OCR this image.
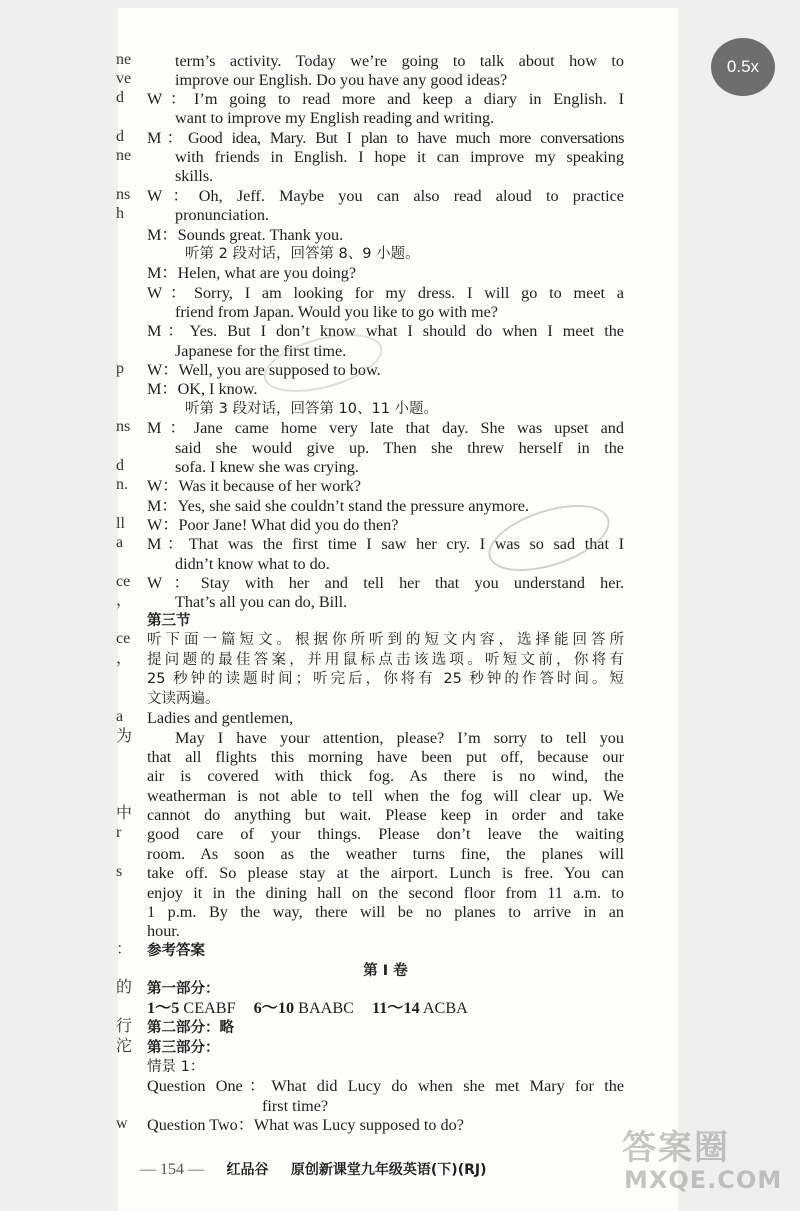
ne
ve
d
d
ne
ns
h
p
ns
d
n.
ll
a
ce
，
ce
，
a
为
中
r
s
：
的
行
沱
w
term’s activity. Today we’re going to talk about how to
improve our English. Do you have any good ideas?
W：I’m going to read more and keep a diary in English. I
want to improve my English reading and writing.
M：Good idea, Mary. But I plan to have much more conversations
with friends in English. I hope it can improve my speaking
skills.
W：Oh, Jeff. Maybe you can also read aloud to practice
pronunciation.
M：Sounds great. Thank you.
听第 2 段对话，回答第 8、9 小题。
M：Helen, what are you doing?
W：Sorry, I am looking for my dress. I will go to meet a
friend from Japan. Would you like to go with me?
M：Yes. But I don’t know what I should do when I meet the
Japanese for the first time.
W：Well, you are supposed to bow.
M：OK, I know.
听第 3 段对话，回答第 10、11 小题。
M：Jane came home very late that day. She was upset and
said she would give up. Then she threw herself in the
sofa. I knew she was crying.
W：Was it because of her work?
M：Yes, she said she couldn’t stand the pressure anymore.
W：Poor Jane! What did you do then?
M：That was the first time I saw her cry. I was so sad that I
didn’t know what to do.
W：Stay with her and tell her that you understand her.
That’s all you can do, Bill.
第三节
听下面一篇短文。根据你所听到的短文内容，选择能回答所
提问题的最佳答案，并用鼠标点击该选项。听短文前，你将有
25 秒钟的读题时间；听完后，你将有 25 秒钟的作答时间。短
文读两遍。
Ladies and gentlemen,
May I have your attention, please? I’m sorry to tell you
that all flights this morning have been put off, because our
air is covered with thick fog. As there is no wind, the
weatherman is not able to tell when the fog will clear up. We
cannot do anything but wait. Please keep in order and take
good care of your things. Please don’t leave the waiting
room. As soon as the weather turns fine, the planes will
take off. So please stay at the airport. Lunch is free. You can
enjoy it in the dining hall on the second floor from 11 a.m. to
1 p.m. By the way, there will be no planes to arrive in an
hour.
参考答案
第 Ⅰ 卷
第一部分：
1～5 CEABF 6～10 BAABC 11～14 ACBA
第二部分：略
第三部分：
情景 1：
Question One：What did Lucy do when she met Mary for the
first time?
Question Two：What was Lucy supposed to do?
— 154 — 红品谷 原创新课堂九年级英语(下)(RJ)
答案圈
MXQE.COM
0.5x
